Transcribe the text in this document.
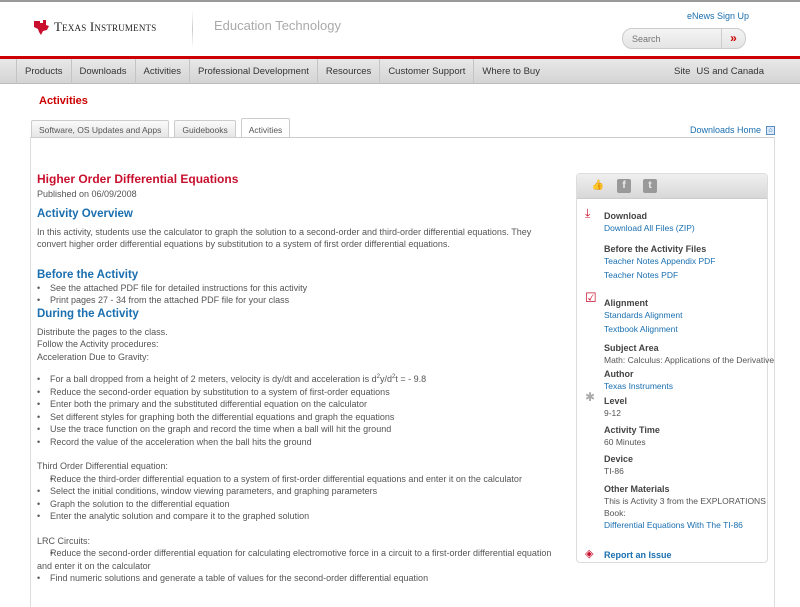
Texas Instruments	Education Technology
eNews Sign Up
Search
»
Products	Downloads	Activities	Professional Development	Resources	Customer Support	Where to Buy	Site US and Canada
Activities
Software, OS Updates and Apps	Guidebooks	Activities	Downloads Home	⌂
Higher Order Differential Equations
Published on 06/09/2008
Activity Overview

In this activity, students use the calculator to graph the solution to a second-order and third-order differential equations. They convert higher order differential equations by substitution to a system of first order differential equations.

Before the Activity
• See the attached PDF file for detailed instructions for this activity
• Print pages 27 - 34 from the attached PDF file for your class
During the Activity

Distribute the pages to the class.

Follow the Activity procedures:

Acceleration Due to Gravity:

• For a ball dropped from a height of 2 meters, velocity is dy/dt and acceleration is $d^2y/d^2t$ = - 9.8
• Reduce the second-order equation by substitution to a system of first-order equations
• Enter both the primary and the substituted differential equation on the calculator
• Set different styles for graphing both the differential equations and graph the equations
• Use the trace function on the graph and record the time when a ball will hit the ground
• Record the value of the acceleration when the ball hits the ground

Third Order Differential equation:

• Reduce the third-order differential equation to a system of first-order differential equations and enter it on the calculator
• Select the initial conditions, window viewing parameters, and graphing parameters
• Graph the solution to the differential equation
• Enter the analytic solution and compare it to the graphed solution

LRC Circuits:

• Reduce the second-order differential equation for calculating electromotive force in a circuit to a first-order differential equation and enter it on the calculator
• Find numeric solutions and generate a table of values for the second-order differential equation
👍	f	t
⤓ Download
Download All Files (ZIP)
Before the Activity Files
Teacher Notes Appendix PDF
Teacher Notes PDF
☑ Alignment
Standards Alignment
Textbook Alignment
Subject Area
Math: Calculus: Applications of the Derivative
Author
Texas Instruments
Level
9-12
Activity Time
60 Minutes
Device
TI-86
Other Materials
This is Activity 3 from the EXPLORATIONS
Book:
Differential Equations With The TI-86
✱
◈ Report an Issue
